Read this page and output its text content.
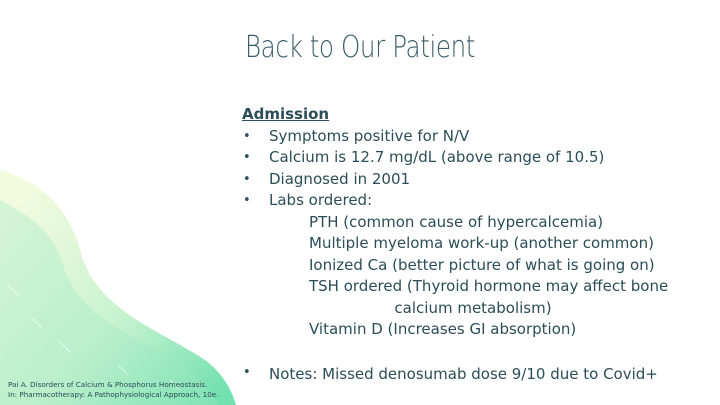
Back to Our Patient
Admission
• Symptoms positive for N/V
• Calcium is 12.7 mg/dL (above range of 10.5)
• Diagnosed in 2001
• Labs ordered:
PTH (common cause of hypercalcemia)
Multiple myeloma work-up (another common)
Ionized Ca (better picture of what is going on)
TSH ordered (Thyroid hormone may affect bone
calcium metabolism)
Vitamin D (Increases GI absorption)
• Notes: Missed denosumab dose 9/10 due to Covid+
Pai A. Disorders of Calcium & Phosphorus Homeostasis.
In: Pharmacotherapy: A Pathophysiological Approach, 10e.
